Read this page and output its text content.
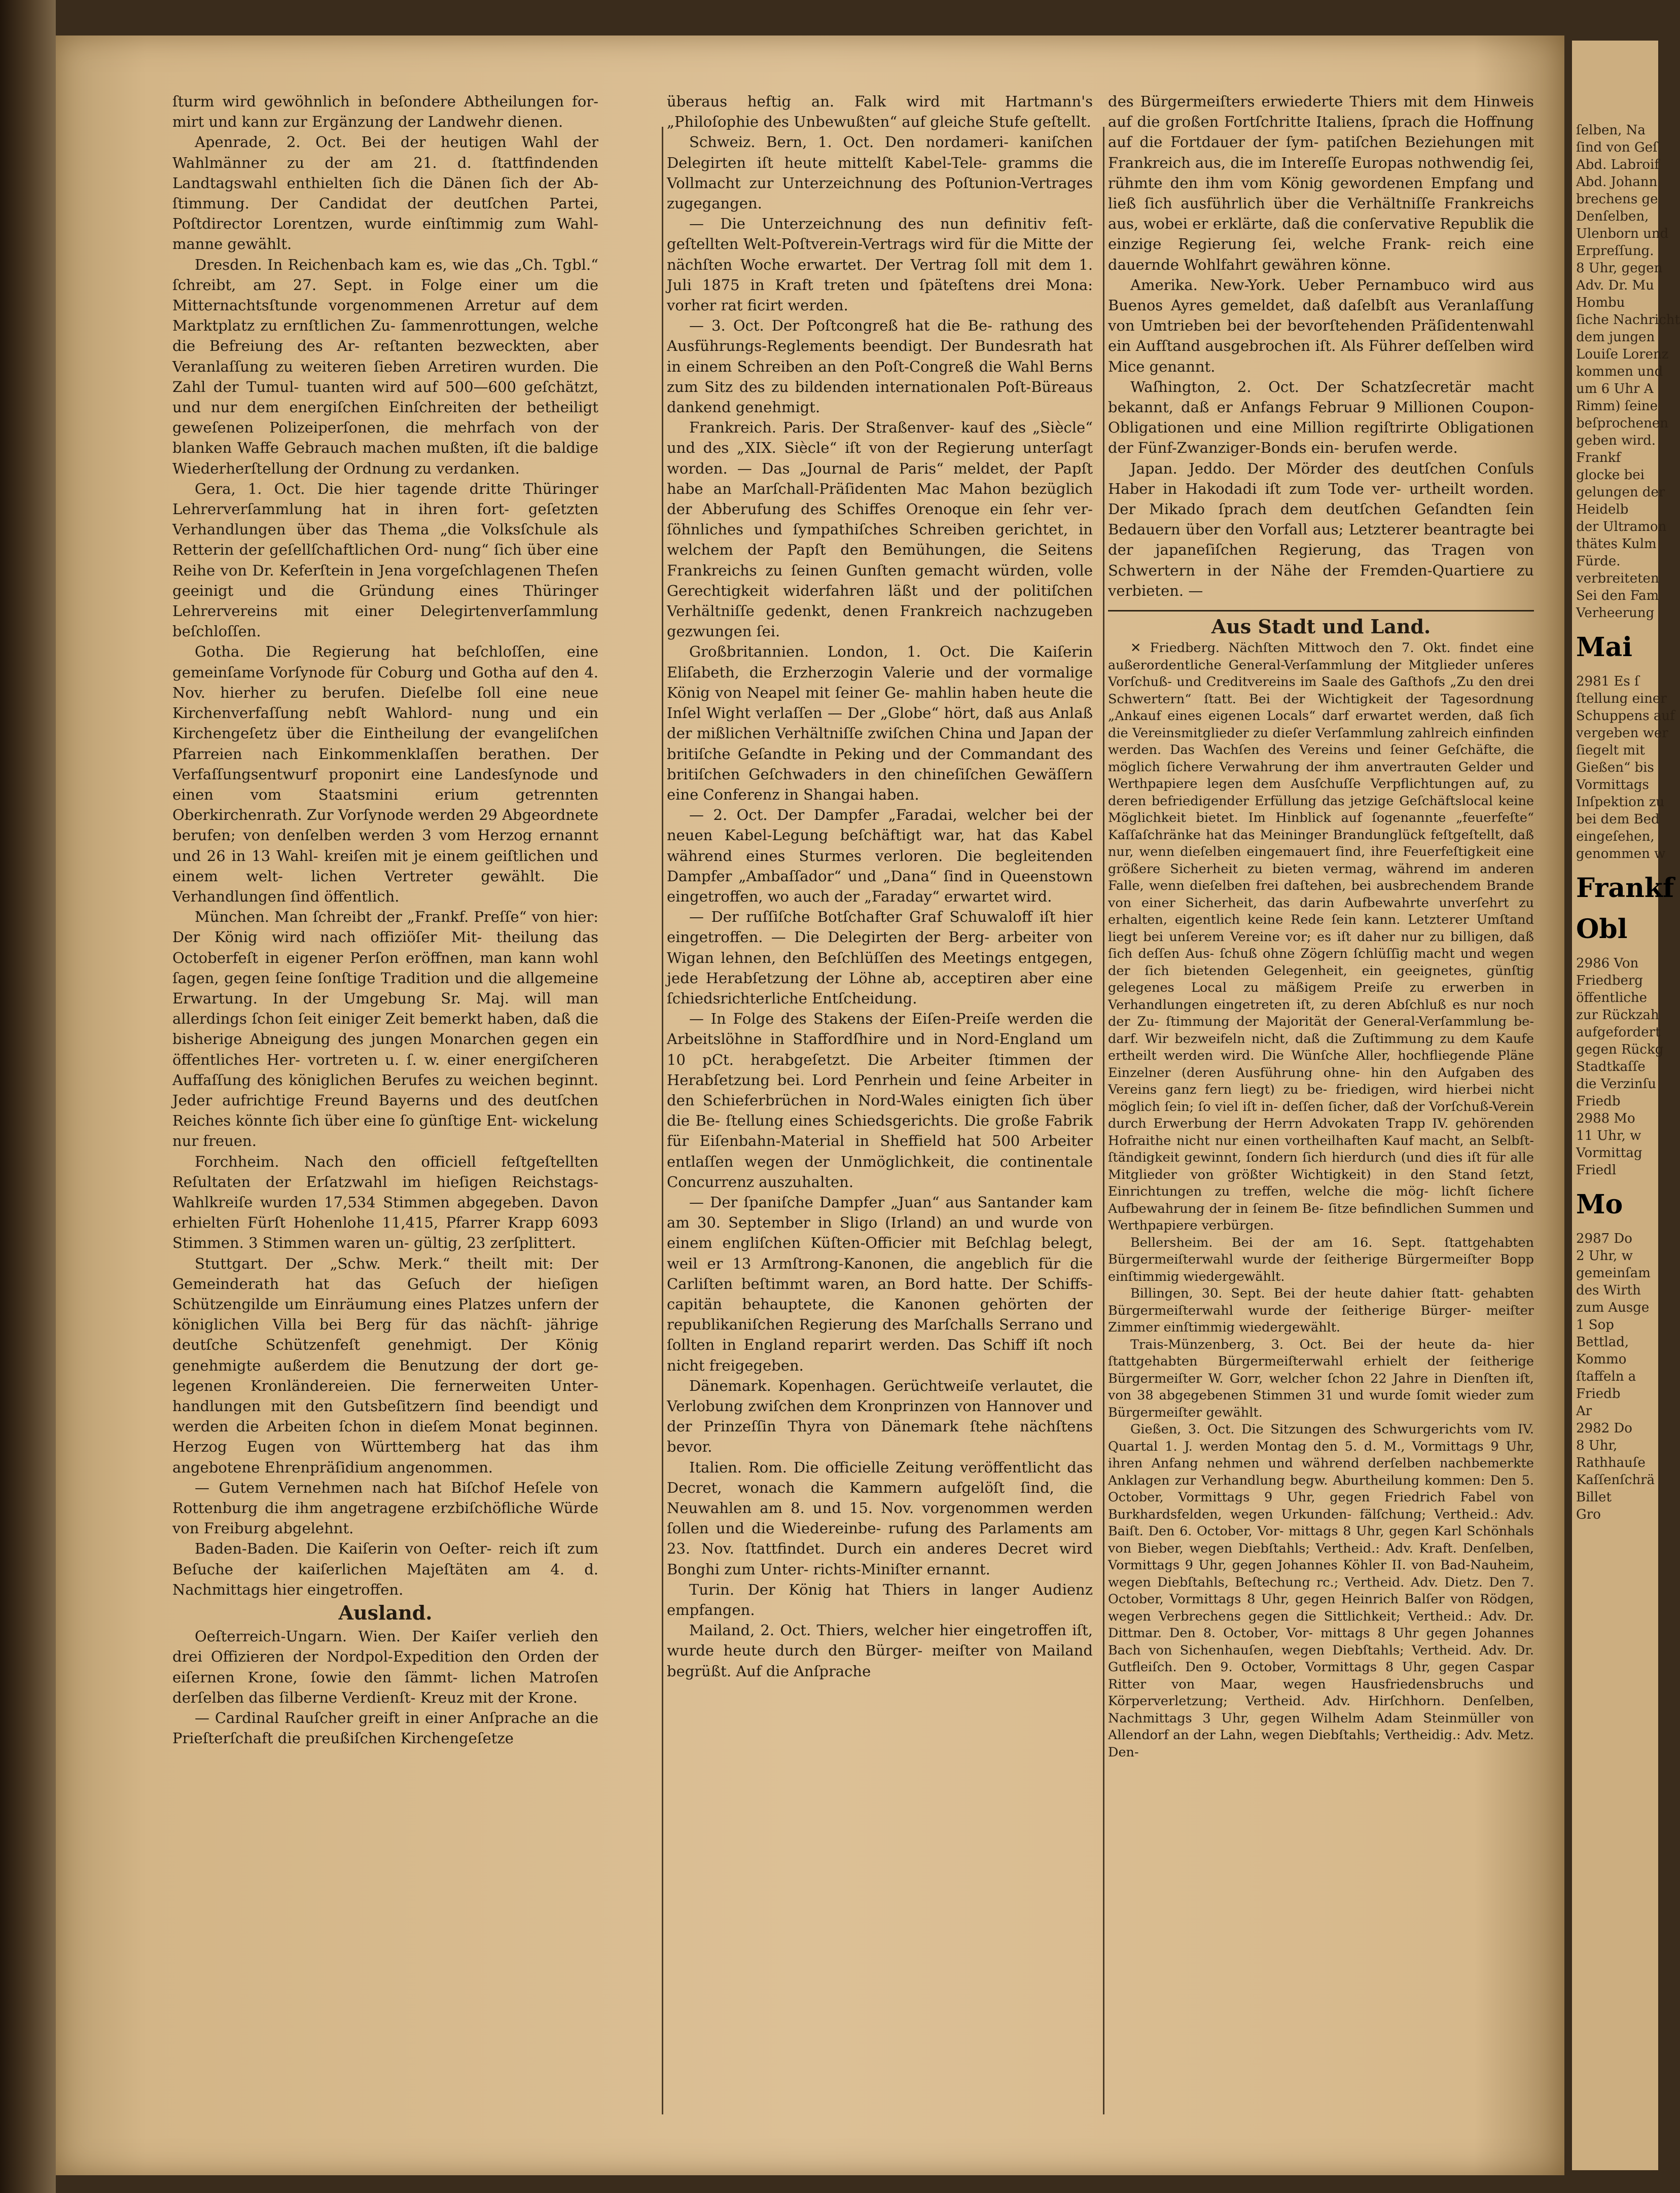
ſturm wird gewöhnlich in beſondere Abtheilungen for- mirt und kann zur Ergänzung der Landwehr dienen.

Apenrade, 2. Oct. Bei der heutigen Wahl der Wahlmänner zu der am 21. d. ſtattfindenden Landtagswahl enthielten ſich die Dänen ſich der Ab- ſtimmung. Der Candidat der deutſchen Partei, Poſtdirector Lorentzen, wurde einſtimmig zum Wahl- manne gewählt.

Dresden. In Reichenbach kam es, wie das „Ch. Tgbl.“ ſchreibt, am 27. Sept. in Folge einer um die Mitternachtsſtunde vorgenommenen Arretur auf dem Marktplatz zu ernſtlichen Zu- ſammenrottungen, welche die Befreiung des Ar- reſtanten bezweckten, aber Veranlaſſung zu weiteren ſieben Arretiren wurden. Die Zahl der Tumul- tuanten wird auf 500—600 geſchätzt, und nur dem energiſchen Einſchreiten der betheiligt geweſenen Polizeiperſonen, die mehrfach von der blanken Waffe Gebrauch machen mußten, iſt die baldige Wiederherſtellung der Ordnung zu verdanken.

Gera, 1. Oct. Die hier tagende dritte Thüringer Lehrerverſammlung hat in ihren fort- geſetzten Verhandlungen über das Thema „die Volksſchule als Retterin der geſellſchaftlichen Ord- nung“ ſich über eine Reihe von Dr. Keferſtein in Jena vorgeſchlagenen Theſen geeinigt und die Gründung eines Thüringer Lehrervereins mit einer Delegirtenverſammlung beſchloſſen.

Gotha. Die Regierung hat beſchloſſen, eine gemeinſame Vorſynode für Coburg und Gotha auf den 4. Nov. hierher zu berufen. Dieſelbe ſoll eine neue Kirchenverfaſſung nebſt Wahlord- nung und ein Kirchengeſetz über die Eintheilung der evangeliſchen Pfarreien nach Einkommenklaſſen berathen. Der Verfaſſungsentwurf proponirt eine Landesſynode und einen vom Staatsmini erium getrennten Oberkirchenrath. Zur Vorſynode werden 29 Abgeordnete berufen; von denſelben werden 3 vom Herzog ernannt und 26 in 13 Wahl- kreiſen mit je einem geiſtlichen und einem welt- lichen Vertreter gewählt. Die Verhandlungen ſind öffentlich.

München. Man ſchreibt der „Frankf. Preſſe“ von hier: Der König wird nach offiziöſer Mit- theilung das Octoberfeſt in eigener Perſon eröffnen, man kann wohl ſagen, gegen ſeine ſonſtige Tradition und die allgemeine Erwartung. In der Umgebung Sr. Maj. will man allerdings ſchon ſeit einiger Zeit bemerkt haben, daß die bisherige Abneigung des jungen Monarchen gegen ein öffentliches Her- vortreten u. ſ. w. einer energiſcheren Auffaſſung des königlichen Berufes zu weichen beginnt. Jeder aufrichtige Freund Bayerns und des deutſchen Reiches könnte ſich über eine ſo günſtige Ent- wickelung nur freuen.

Forchheim. Nach den officiell feſtgeſtellten Reſultaten der Erſatzwahl im hieſigen Reichstags- Wahlkreiſe wurden 17,534 Stimmen abgegeben. Davon erhielten Fürſt Hohenlohe 11,415, Pfarrer Krapp 6093 Stimmen. 3 Stimmen waren un- gültig, 23 zerſplittert.

Stuttgart. Der „Schw. Merk.“ theilt mit: Der Gemeinderath hat das Geſuch der hieſigen Schützengilde um Einräumung eines Platzes unfern der königlichen Villa bei Berg für das nächſt- jährige deutſche Schützenfeſt genehmigt. Der König genehmigte außerdem die Benutzung der dort ge- legenen Kronländereien. Die fernerweiten Unter- handlungen mit den Gutsbeſitzern ſind beendigt und werden die Arbeiten ſchon in dieſem Monat beginnen. Herzog Eugen von Württemberg hat das ihm angebotene Ehrenpräſidium angenommen.

— Gutem Vernehmen nach hat Biſchof Heſele von Rottenburg die ihm angetragene erzbiſchöfliche Würde von Freiburg abgelehnt.

Baden-Baden. Die Kaiſerin von Oeſter- reich iſt zum Beſuche der kaiſerlichen Majeſtäten am 4. d. Nachmittags hier eingetroffen.

Ausland.

Oeſterreich-Ungarn. Wien. Der Kaiſer verlieh den drei Offizieren der Nordpol-Expedition den Orden der eiſernen Krone, ſowie den ſämmt- lichen Matroſen derſelben das ſilberne Verdienſt- Kreuz mit der Krone.

— Cardinal Rauſcher greift in einer Anſprache an die Prieſterſchaft die preußiſchen Kirchengeſetze

überaus heftig an. Falk wird mit Hartmann's „Philoſophie des Unbewußten“ auf gleiche Stufe geſtellt.

Schweiz. Bern, 1. Oct. Den nordameri- kaniſchen Delegirten iſt heute mittelſt Kabel-Tele- gramms die Vollmacht zur Unterzeichnung des Poſtunion-Vertrages zugegangen.

— Die Unterzeichnung des nun definitiv feſt- geſtellten Welt-Poſtverein-Vertrags wird für die Mitte der nächſten Woche erwartet. Der Vertrag ſoll mit dem 1. Juli 1875 in Kraft treten und ſpäteſtens drei Mona: vorher rat ficirt werden.

— 3. Oct. Der Poſtcongreß hat die Be- rathung des Ausführungs-Reglements beendigt. Der Bundesrath hat in einem Schreiben an den Poſt-Congreß die Wahl Berns zum Sitz des zu bildenden internationalen Poſt-Büreaus dankend genehmigt.

Frankreich. Paris. Der Straßenver- kauf des „Siècle“ und des „XIX. Siècle“ iſt von der Regierung unterſagt worden. — Das „Journal de Paris“ meldet, der Papſt habe an Marſchall-Präſidenten Mac Mahon bezüglich der Abberufung des Schiffes Orenoque ein ſehr ver- ſöhnliches und ſympathiſches Schreiben gerichtet, in welchem der Papſt den Bemühungen, die Seitens Frankreichs zu ſeinen Gunſten gemacht würden, volle Gerechtigkeit widerfahren läßt und der politiſchen Verhältniſſe gedenkt, denen Frankreich nachzugeben gezwungen ſei.

Großbritannien. London, 1. Oct. Die Kaiſerin Eliſabeth, die Erzherzogin Valerie und der vormalige König von Neapel mit ſeiner Ge- mahlin haben heute die Inſel Wight verlaſſen — Der „Globe“ hört, daß aus Anlaß der mißlichen Verhältniſſe zwiſchen China und Japan der britiſche Geſandte in Peking und der Commandant des britiſchen Geſchwaders in den chineſiſchen Gewäſſern eine Conferenz in Shangai haben.

— 2. Oct. Der Dampfer „Faradai, welcher bei der neuen Kabel-Legung beſchäftigt war, hat das Kabel während eines Sturmes verloren. Die begleitenden Dampfer „Ambaſſador“ und „Dana“ ſind in Queenstown eingetroffen, wo auch der „Faraday“ erwartet wird.

— Der ruſſiſche Botſchafter Graf Schuwaloff iſt hier eingetroffen. — Die Delegirten der Berg- arbeiter von Wigan lehnen, den Beſchlüſſen des Meetings entgegen, jede Herabſetzung der Löhne ab, acceptiren aber eine ſchiedsrichterliche Entſcheidung.

— In Folge des Stakens der Eiſen-Preiſe werden die Arbeitslöhne in Staffordſhire und in Nord-England um 10 pCt. herabgeſetzt. Die Arbeiter ſtimmen der Herabſetzung bei. Lord Penrhein und ſeine Arbeiter in den Schieferbrüchen in Nord-Wales einigten ſich über die Be- ſtellung eines Schiedsgerichts. Die große Fabrik für Eiſenbahn-Material in Sheffield hat 500 Arbeiter entlaſſen wegen der Unmöglichkeit, die continentale Concurrenz auszuhalten.

— Der ſpaniſche Dampfer „Juan“ aus Santander kam am 30. September in Sligo (Irland) an und wurde von einem engliſchen Küſten-Officier mit Beſchlag belegt, weil er 13 Armſtrong-Kanonen, die angeblich für die Carliſten beſtimmt waren, an Bord hatte. Der Schiffs- capitän behauptete, die Kanonen gehörten der republikaniſchen Regierung des Marſchalls Serrano und ſollten in England reparirt werden. Das Schiff iſt noch nicht freigegeben.

Dänemark. Kopenhagen. Gerüchtweiſe verlautet, die Verlobung zwiſchen dem Kronprinzen von Hannover und der Prinzeſſin Thyra von Dänemark ſtehe nächſtens bevor.

Italien. Rom. Die officielle Zeitung veröffentlicht das Decret, wonach die Kammern aufgelöſt ſind, die Neuwahlen am 8. und 15. Nov. vorgenommen werden ſollen und die Wiedereinbe- rufung des Parlaments am 23. Nov. ſtattfindet. Durch ein anderes Decret wird Bonghi zum Unter- richts-Miniſter ernannt.

Turin. Der König hat Thiers in langer Audienz empfangen.

Mailand, 2. Oct. Thiers, welcher hier eingetroffen iſt, wurde heute durch den Bürger- meiſter von Mailand begrüßt. Auf die Anſprache

des Bürgermeiſters erwiederte Thiers mit dem Hinweis auf die großen Fortſchritte Italiens, ſprach die Hoffnung auf die Fortdauer der ſym- patiſchen Beziehungen mit Frankreich aus, die im Intereſſe Europas nothwendig ſei, rühmte den ihm vom König gewordenen Empfang und ließ ſich ausführlich über die Verhältniſſe Frankreichs aus, wobei er erklärte, daß die conſervative Republik die einzige Regierung ſei, welche Frank- reich eine dauernde Wohlfahrt gewähren könne.

Amerika. New-York. Ueber Pernambuco wird aus Buenos Ayres gemeldet, daß daſelbſt aus Veranlaſſung von Umtrieben bei der bevorſtehenden Präſidentenwahl ein Aufſtand ausgebrochen iſt. Als Führer deſſelben wird Mice genannt.

Waſhington, 2. Oct. Der Schatzſecretär macht bekannt, daß er Anfangs Februar 9 Millionen Coupon-Obligationen und eine Million regiſtrirte Obligationen der Fünf-Zwanziger-Bonds ein- berufen werde.

Japan. Jeddo. Der Mörder des deutſchen Conſuls Haber in Hakodadi iſt zum Tode ver- urtheilt worden. Der Mikado ſprach dem deutſchen Geſandten ſein Bedauern über den Vorfall aus; Letzterer beantragte bei der japaneſiſchen Regierung, das Tragen von Schwertern in der Nähe der Fremden-Quartiere zu verbieten. —

Aus Stadt und Land.

✕ Friedberg. Nächſten Mittwoch den 7. Okt. findet eine außerordentliche General-Verſammlung der Mitglieder unſeres Vorſchuß- und Creditvereins im Saale des Gaſthofs „Zu den drei Schwertern“ ſtatt. Bei der Wichtigkeit der Tagesordnung „Ankauf eines eigenen Locals“ darf erwartet werden, daß ſich die Vereinsmitglieder zu dieſer Verſammlung zahlreich einfinden werden. Das Wachſen des Vereins und ſeiner Geſchäfte, die möglich ſichere Verwahrung der ihm anvertrauten Gelder und Werthpapiere legen dem Ausſchuſſe Verpflichtungen auf, zu deren befriedigender Erfüllung das jetzige Geſchäftslocal keine Möglichkeit bietet. Im Hinblick auf ſogenannte „feuerfeſte“ Kaſſaſchränke hat das Meininger Brandunglück feſtgeſtellt, daß nur, wenn dieſelben eingemauert ſind, ihre Feuerfeſtigkeit eine größere Sicherheit zu bieten vermag, während im anderen Falle, wenn dieſelben frei daſtehen, bei ausbrechendem Brande von einer Sicherheit, das darin Aufbewahrte unverſehrt zu erhalten, eigentlich keine Rede ſein kann. Letzterer Umſtand liegt bei unſerem Vereine vor; es iſt daher nur zu billigen, daß ſich deſſen Aus- ſchuß ohne Zögern ſchlüſſig macht und wegen der ſich bietenden Gelegenheit, ein geeignetes, günſtig gelegenes Local zu mäßigem Preiſe zu erwerben in Verhandlungen eingetreten iſt, zu deren Abſchluß es nur noch der Zu- ſtimmung der Majorität der General-Verſammlung be- darf. Wir bezweifeln nicht, daß die Zuſtimmung zu dem Kaufe ertheilt werden wird. Die Wünſche Aller, hochfliegende Pläne Einzelner (deren Ausführung ohne- hin den Aufgaben des Vereins ganz fern liegt) zu be- friedigen, wird hierbei nicht möglich ſein; ſo viel iſt in- deſſen ſicher, daß der Vorſchuß-Verein durch Erwerbung der Herrn Advokaten Trapp IV. gehörenden Hofraithe nicht nur einen vortheilhaften Kauf macht, an Selbſt- ſtändigkeit gewinnt, ſondern ſich hierdurch (und dies iſt für alle Mitglieder von größter Wichtigkeit) in den Stand ſetzt, Einrichtungen zu treffen, welche die mög- lichſt ſichere Aufbewahrung der in ſeinem Be- ſitze befindlichen Summen und Werthpapiere verbürgen.

Bellersheim. Bei der am 16. Sept. ſtattgehabten Bürgermeiſterwahl wurde der ſeitherige Bürgermeiſter Bopp einſtimmig wiedergewählt.

Billingen, 30. Sept. Bei der heute dahier ſtatt- gehabten Bürgermeiſterwahl wurde der ſeitherige Bürger- meiſter Zimmer einſtimmig wiedergewählt.

Trais-Münzenberg, 3. Oct. Bei der heute da- hier ſtattgehabten Bürgermeiſterwahl erhielt der ſeitherige Bürgermeiſter W. Gorr, welcher ſchon 22 Jahre in Dienſten iſt, von 38 abgegebenen Stimmen 31 und wurde ſomit wieder zum Bürgermeiſter gewählt.

Gießen, 3. Oct. Die Sitzungen des Schwurgerichts vom IV. Quartal 1. J. werden Montag den 5. d. M., Vormittags 9 Uhr, ihren Anfang nehmen und während derſelben nachbemerkte Anklagen zur Verhandlung begw. Aburtheilung kommen: Den 5. October, Vormittags 9 Uhr, gegen Friedrich Fabel von Burkhardsfelden, wegen Urkunden- fälſchung; Vertheid.: Adv. Baiſt. Den 6. October, Vor- mittags 8 Uhr, gegen Karl Schönhals von Bieber, wegen Diebſtahls; Vertheid.: Adv. Kraft. Denſelben, Vormittags 9 Uhr, gegen Johannes Köhler II. von Bad-Nauheim, wegen Diebſtahls, Beſtechung rc.; Vertheid. Adv. Dietz. Den 7. October, Vormittags 8 Uhr, gegen Heinrich Balſer von Rödgen, wegen Verbrechens gegen die Sittlichkeit; Vertheid.: Adv. Dr. Dittmar. Den 8. October, Vor- mittags 8 Uhr gegen Johannes Bach von Sichenhauſen, wegen Diebſtahls; Vertheid. Adv. Dr. Gutfleiſch. Den 9. October, Vormittags 8 Uhr, gegen Caspar Ritter von Maar, wegen Hausfriedensbruchs und Körperverletzung; Vertheid. Adv. Hirſchhorn. Denſelben, Nachmittags 3 Uhr, gegen Wilhelm Adam Steinmüller von Allendorf an der Lahn, wegen Diebſtahls; Vertheidig.: Adv. Metz. Den-

ſelben, Na
ſind von Geſ
Abd. Labroif
Abd. Johann
brechens ge
Denſelben,
Ulenborn und
Erpreſſung.
8 Uhr, gegen
Adv. Dr. Mu
Hombu
ſiche Nachricht
dem jungen
Louiſe Lorenz
kommen und
um 6 Uhr A
Rimm) ſeine
beſprochenen
geben wird.
Frankf
glocke bei
gelungen der
Heidelb
der Ultramon
thätes Kulm
Fürde.
verbreiteten
Sei den Fam
Verheerung
Mai
2981 Es ſ
ſtellung einer
Schuppens auf
vergeben wer
ſiegelt mit
Gießen“ bis
Vormittags
Inſpektion zu
bei dem Bed
eingeſehen,
genommen w
Frankf
Obl
2986 Von
Friedberg
öffentliche
zur Rückzah
aufgefordert
gegen Rückg
Stadtkaſſe
die Verzinſu
Friedb
2988 Mo
11 Uhr, w
Vormittag
Friedl
Mo
2987 Do
2 Uhr, w
gemeinſam
des Wirth
zum Ausge
1 Sop
Bettlad,
Kommo
ſtaffeln a
Friedb
Ar
2982 Do
8 Uhr,
Rathhauſe
Kaſſenſchrä
Billet
Gro
